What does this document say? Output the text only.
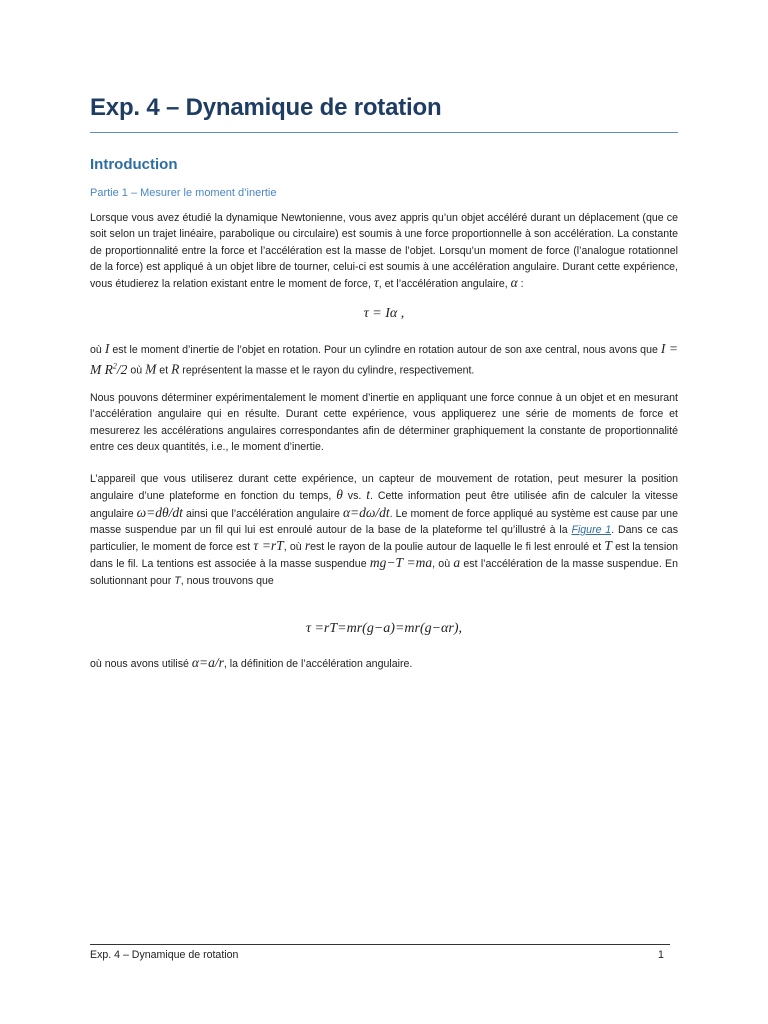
Exp. 4 – Dynamique de rotation
Introduction
Partie 1 – Mesurer le moment d’inertie

Lorsque vous avez étudié la dynamique Newtonienne, vous avez appris qu’un objet accéléré durant un déplacement (que ce soit selon un trajet linéaire, parabolique ou circulaire) est soumis à une force proportionnelle à son accélération. La constante de proportionnalité entre la force et l’accélération est la masse de l’objet. Lorsqu’un moment de force (l’analogue rotationnel de la force) est appliqué à un objet libre de tourner, celui-ci est soumis à une accélération angulaire. Durant cette expérience, vous étudierez la relation existant entre le moment de force, τ, et l’accélération angulaire, α :

τ = Iα ,

où I est le moment d’inertie de l’objet en rotation. Pour un cylindre en rotation autour de son axe central, nous avons que I = M $R^2/2$ où M et R représentent la masse et le rayon du cylindre, respectivement.

Nous pouvons déterminer expérimentalement le moment d’inertie en appliquant une force connue à un objet et en mesurant l’accélération angulaire qui en résulte. Durant cette expérience, vous appliquerez une série de moments de force et mesurerez les accélérations angulaires correspondantes afin de déterminer graphiquement la constante de proportionnalité entre ces deux quantités, i.e., le moment d’inertie.

L’appareil que vous utiliserez durant cette expérience, un capteur de mouvement de rotation, peut mesurer la position angulaire d’une plateforme en fonction du temps, θ vs. t. Cette information peut être utilisée afin de calculer la vitesse angulaire ω=dθ/dt ainsi que l’accélération angulaire α=dω/dt. Le moment de force appliqué au système est cause par une masse suspendue par un fil qui lui est enroulé autour de la base de la plateforme tel qu’illustré à la Figure 1. Dans ce cas particulier, le moment de force est τ =rT, où rest le rayon de la poulie autour de laquelle le fi lest enroulé et T est la tension dans le fil. La tentions est associée à la masse suspendue mg−T =ma, où a est l’accélération de la masse suspendue. En solutionnant pour T, nous trouvons que

τ =rT=mr(g−a)=mr(g−αr),

où nous avons utilisé α=a/r, la définition de l’accélération angulaire.

Exp. 4 – Dynamique de rotation	1
